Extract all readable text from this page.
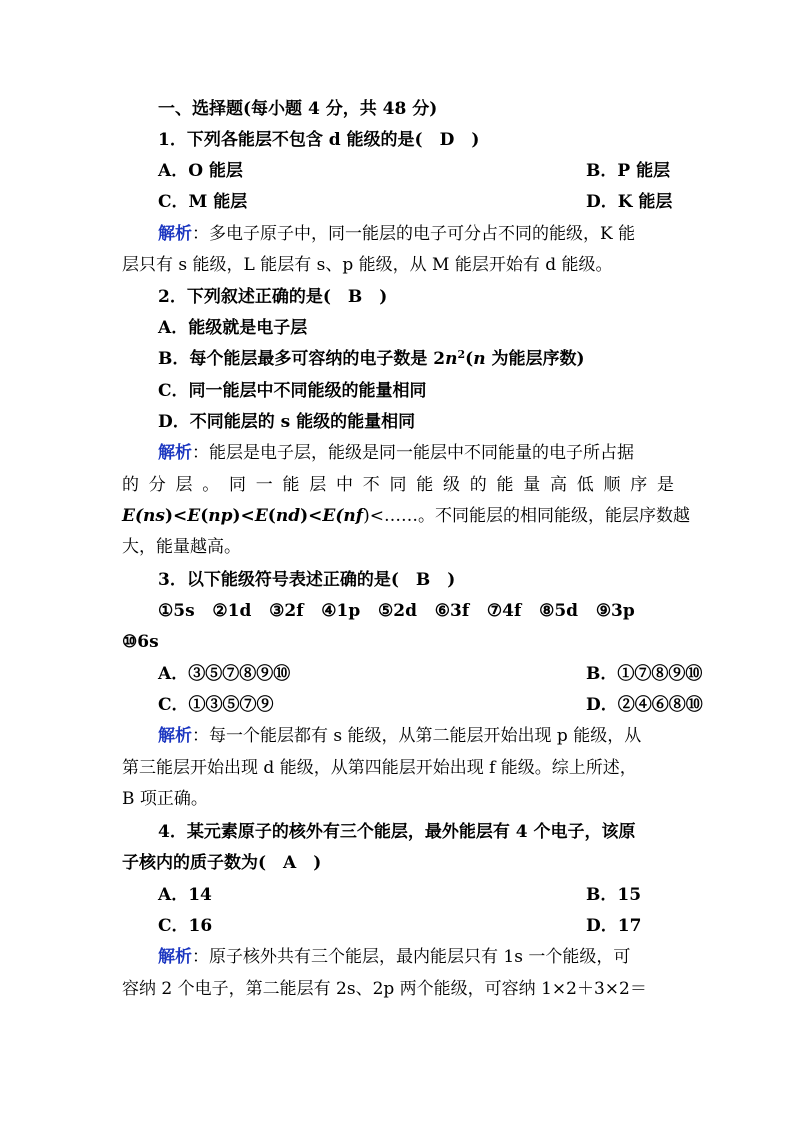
一、选择题(每小题 4 分，共 48 分)
1．下列各能层不包含 d 能级的是(　D　)
A．O 能层	B．P 能层
C．M 能层	D．K 能层
解析：多电子原子中，同一能层的电子可分占不同的能级，K 能
层只有 s 能级，L 能层有 s、p 能级，从 M 能层开始有 d 能级。
2．下列叙述正确的是(　B　)
A．能级就是电子层
B．每个能层最多可容纳的电子数是 $2n^2(n$ 为能层序数)
C．同一能层中不同能级的能量相同
D．不同能层的 s 能级的能量相同
解析：能层是电子层，能级是同一能层中不同能量的电子所占据
的分层。同一能层中不同能级的能量高低顺序是
E(ns)<E(np)<E(nd)<E(nf)<……。不同能层的相同能级，能层序数越
大，能量越高。
3．以下能级符号表述正确的是(　B　)
①5s ②1d ③2f ④1p ⑤2d ⑥3f ⑦4f ⑧5d ⑨3p
⑩6s
A．③⑤⑦⑧⑨⑩	B．①⑦⑧⑨⑩
C．①③⑤⑦⑨	D．②④⑥⑧⑩
解析：每一个能层都有 s 能级，从第二能层开始出现 p 能级，从
第三能层开始出现 d 能级，从第四能层开始出现 f 能级。综上所述，
B 项正确。
4．某元素原子的核外有三个能层，最外能层有 4 个电子，该原
子核内的质子数为(　A　)
A．14	B．15
C．16	D．17
解析：原子核外共有三个能层，最内能层只有 1s 一个能级，可
容纳 2 个电子，第二能层有 2s、2p 两个能级，可容纳 1×2＋3×2＝
